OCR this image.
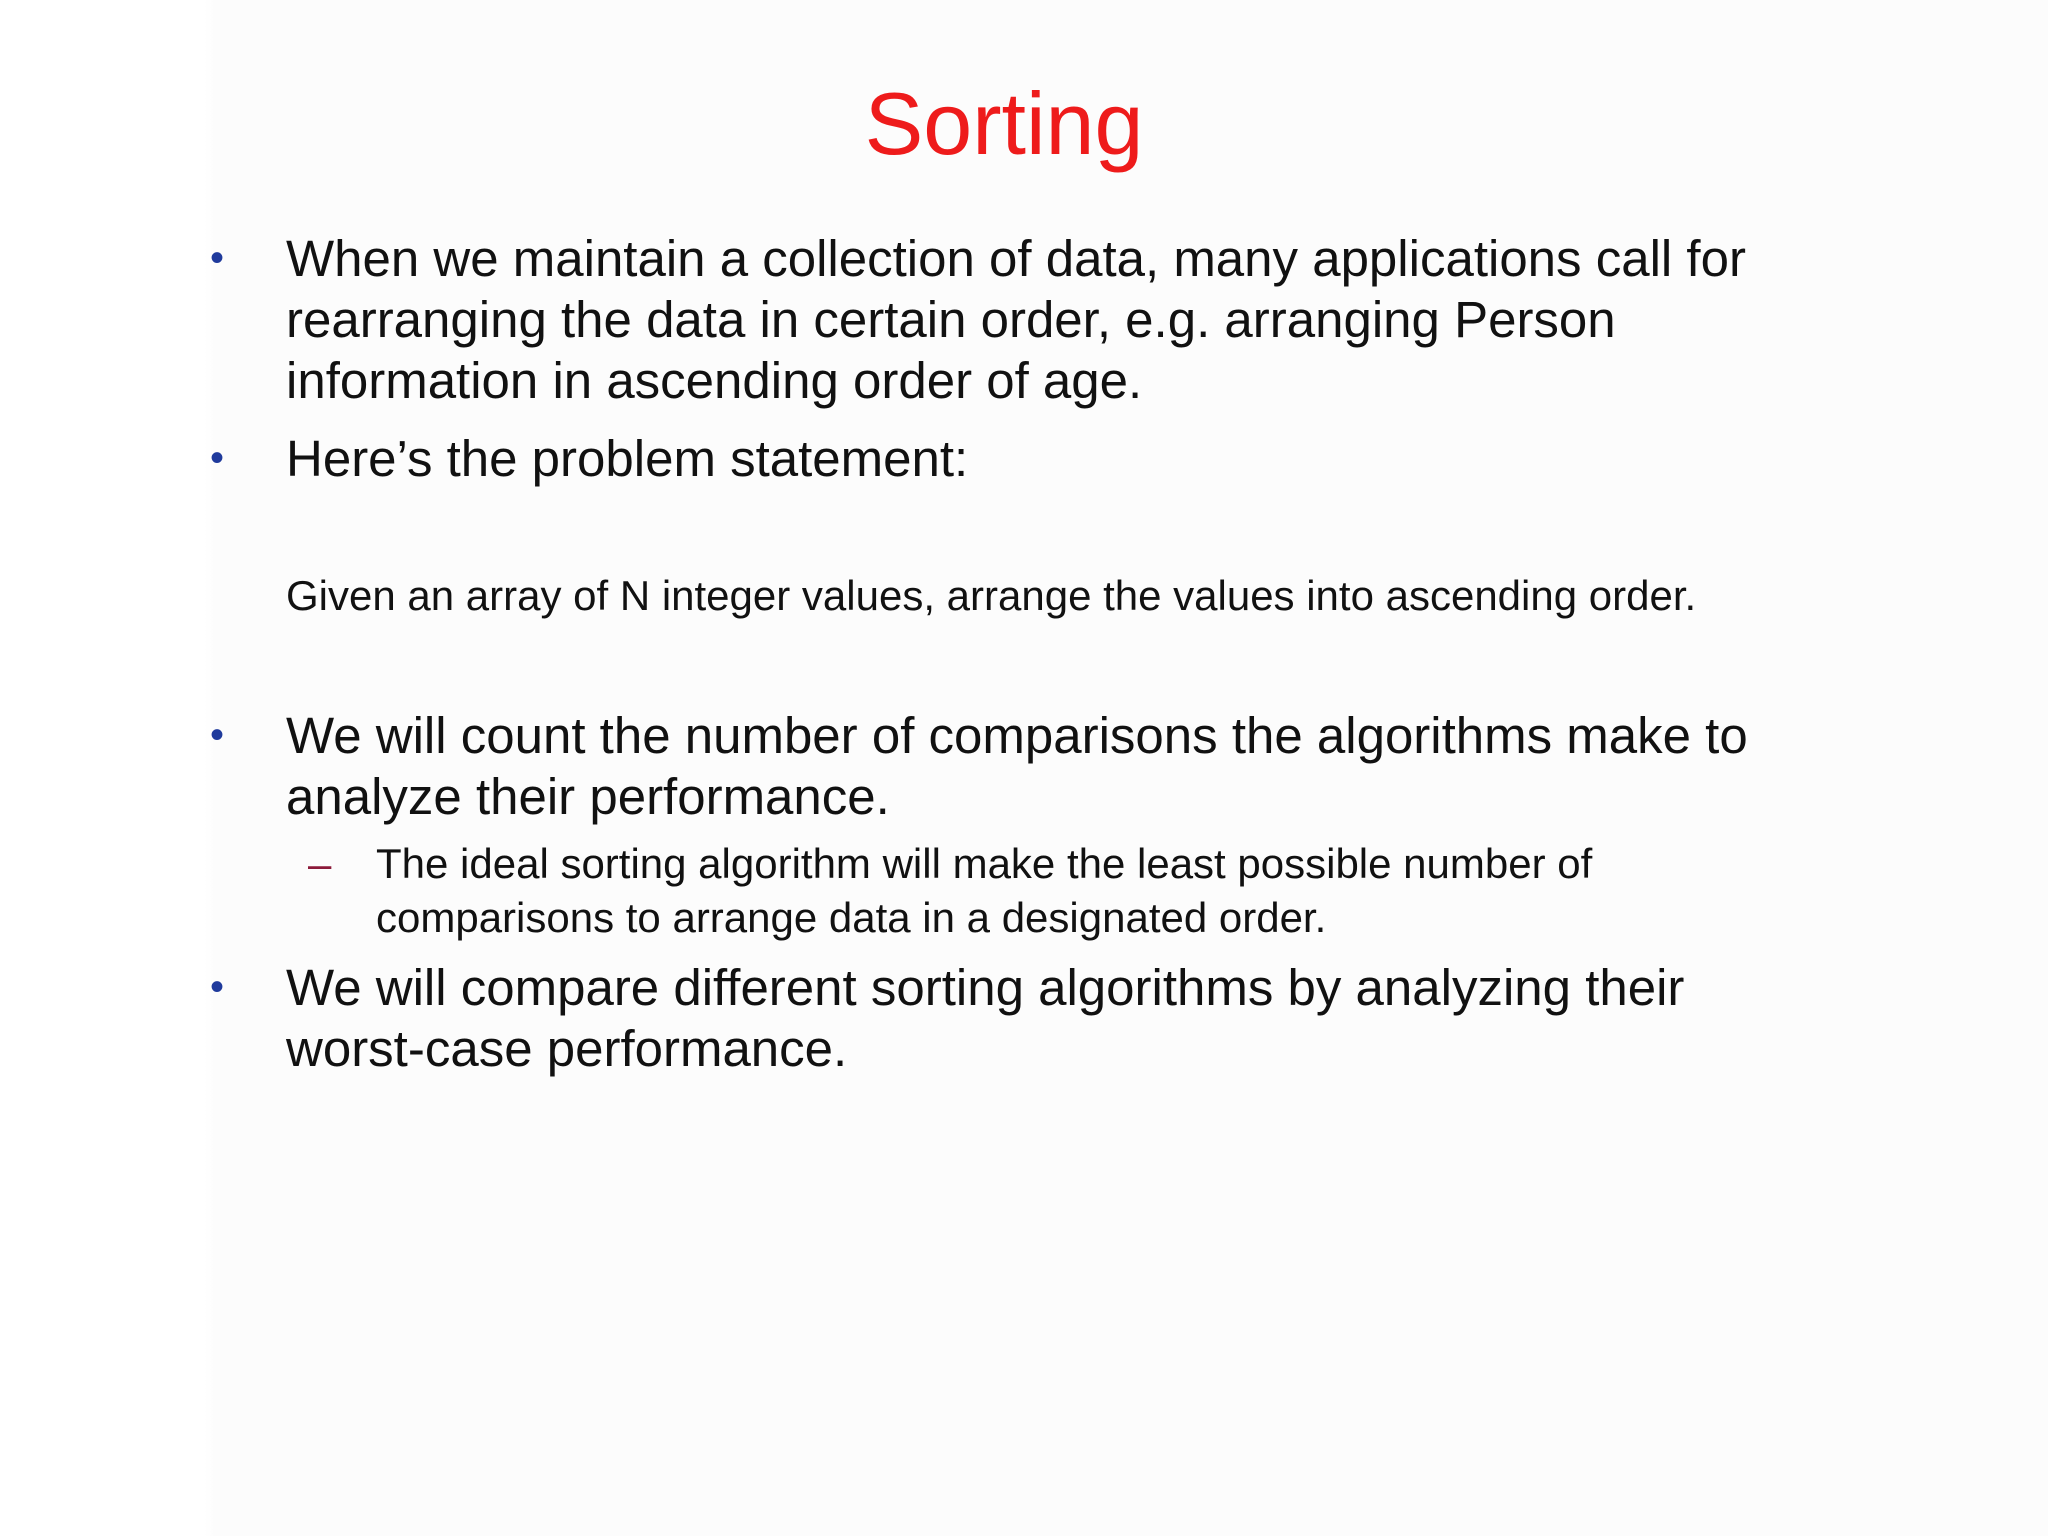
Sorting
•	When we maintain a collection of data, many applications call for rearranging the data in certain order, e.g. arranging Person information in ascending order of age.
•	Here’s the problem statement:
Given an array of N integer values, arrange the values into ascending order.
•	We will count the number of comparisons the algorithms make to analyze their performance.
– The ideal sorting algorithm will make the least possible number of comparisons to arrange data in a designated order.
•	We will compare different sorting algorithms by analyzing their worst-case performance.
